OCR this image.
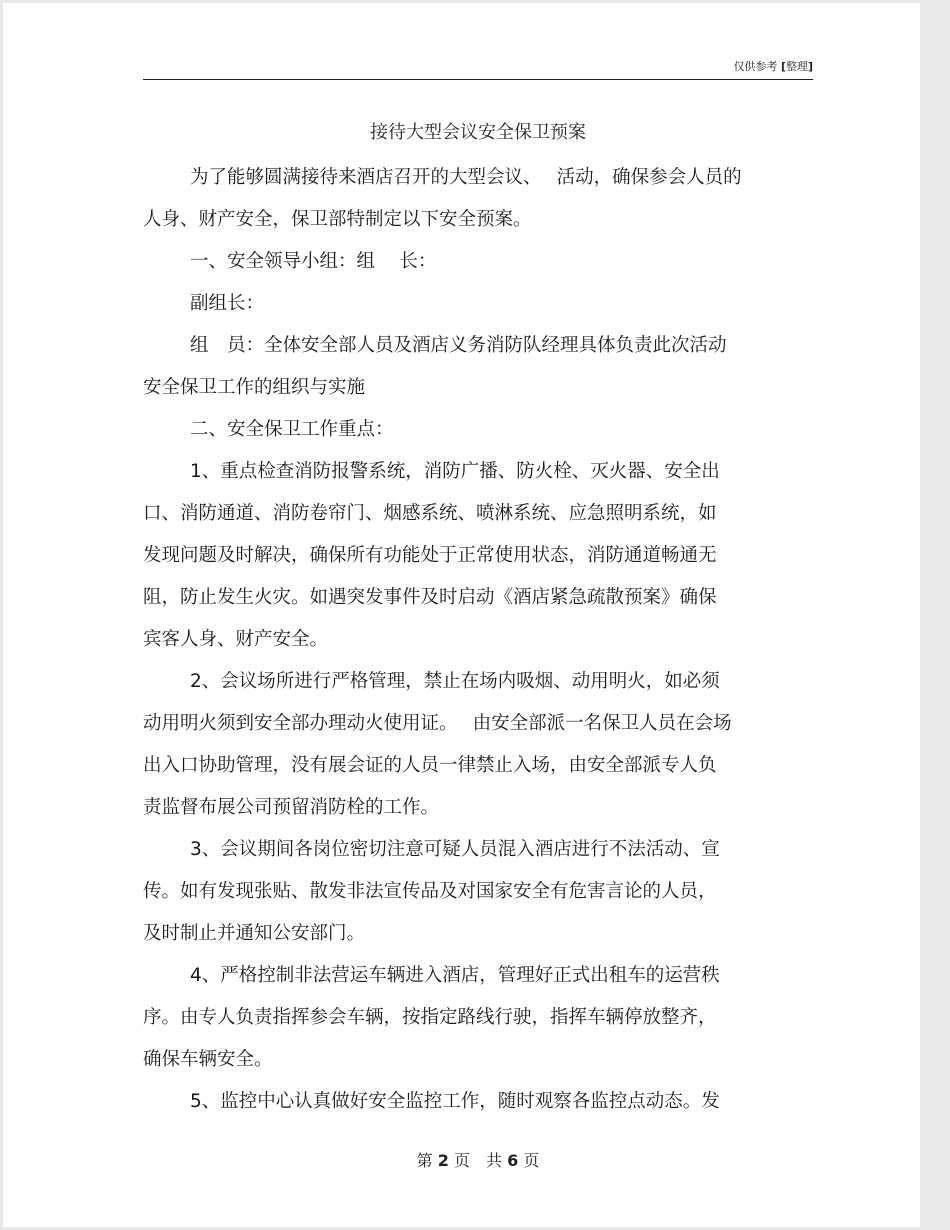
仅供参考 [整理]
接待大型会议安全保卫预案
为了能够圆满接待来酒店召开的大型会议、　 活动，确保参会人员的
人身、财产安全，保卫部特制定以下安全预案。
一、安全领导小组：组　 长：
副组长：
组　员：全体安全部人员及酒店义务消防队经理具体负责此次活动
安全保卫工作的组织与实施
二、安全保卫工作重点：
1、重点检查消防报警系统，消防广播、防火栓、灭火器、安全出
口、消防通道、消防卷帘门、烟感系统、喷淋系统、应急照明系统，如
发现问题及时解决，确保所有功能处于正常使用状态，消防通道畅通无
阻，防止发生火灾。如遇突发事件及时启动《酒店紧急疏散预案》确保
宾客人身、财产安全。
2、会议场所进行严格管理，禁止在场内吸烟、动用明火，如必须
动用明火须到安全部办理动火使用证。　 由安全部派一名保卫人员在会场
出入口协助管理，没有展会证的人员一律禁止入场，由安全部派专人负
责监督布展公司预留消防栓的工作。
3、会议期间各岗位密切注意可疑人员混入酒店进行不法活动、宣
传。如有发现张贴、散发非法宣传品及对国家安全有危害言论的人员，
及时制止并通知公安部门。
4、严格控制非法营运车辆进入酒店，管理好正式出租车的运营秩
序。由专人负责指挥参会车辆，按指定路线行驶，指挥车辆停放整齐，
确保车辆安全。
5、监控中心认真做好安全监控工作，随时观察各监控点动态。发
第 2 页　共 6 页
